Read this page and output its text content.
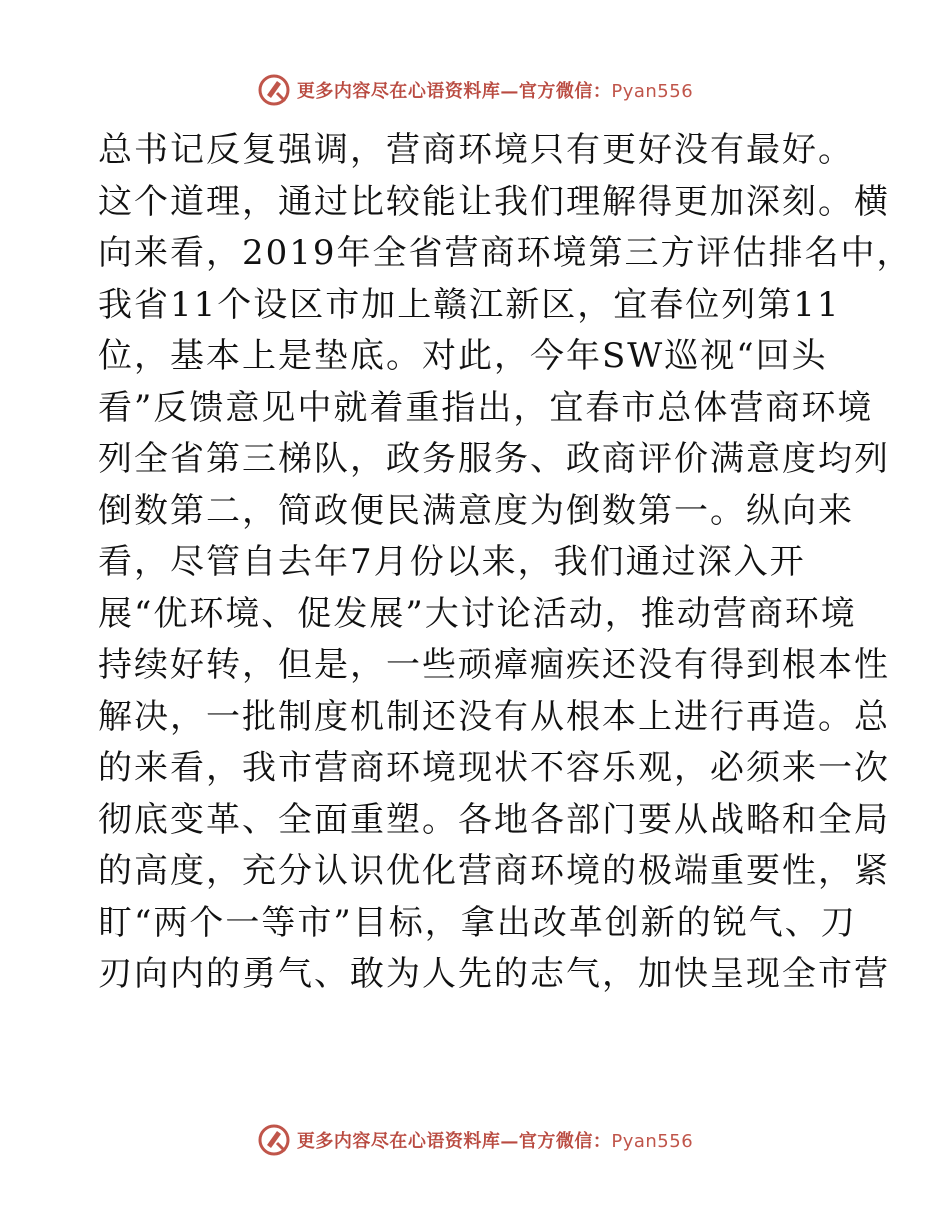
更多内容尽在心语资料库—官方微信：Pyan556
总书记反复强调，营商环境只有更好没有最好。
这个道理，通过比较能让我们理解得更加深刻。横
向来看，2019年全省营商环境第三方评估排名中，
我省11个设区市加上赣江新区，宜春位列第11
位，基本上是垫底。对此，今年SW巡视“回头
看”反馈意见中就着重指出，宜春市总体营商环境
列全省第三梯队，政务服务、政商评价满意度均列
倒数第二，简政便民满意度为倒数第一。纵向来
看，尽管自去年7月份以来，我们通过深入开
展“优环境、促发展”大讨论活动，推动营商环境
持续好转，但是，一些顽瘴痼疾还没有得到根本性
解决，一批制度机制还没有从根本上进行再造。总
的来看，我市营商环境现状不容乐观，必须来一次
彻底变革、全面重塑。各地各部门要从战略和全局
的高度，充分认识优化营商环境的极端重要性，紧
盯“两个一等市”目标，拿出改革创新的锐气、刀
刃向内的勇气、敢为人先的志气，加快呈现全市营
更多内容尽在心语资料库—官方微信：Pyan556
